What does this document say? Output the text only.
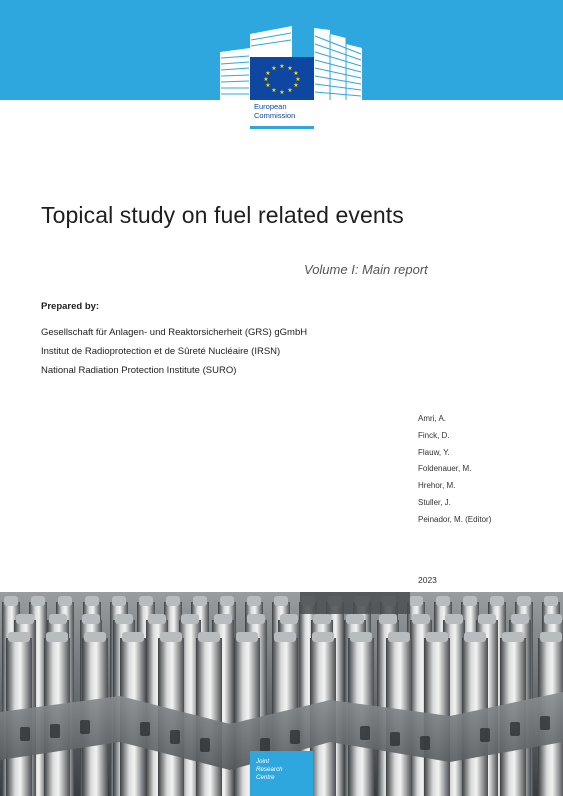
★ ★
★
★
★
★
★
★
★
★
★
★
European
Commission
Topical study on fuel related events
Volume I: Main report
Prepared by:
Gesellschaft für Anlagen- und Reaktorsicherheit (GRS) gGmbH
Institut de Radioprotection et de Sûreté Nucléaire (IRSN)
National Radiation Protection Institute (SURO)
Amri, A.
Finck, D.
Flauw, Y.
Foldenauer, M.
Hrehor, M.
Stuller, J.
Peinador, M. (Editor)
2023
Joint
Research
Centre
